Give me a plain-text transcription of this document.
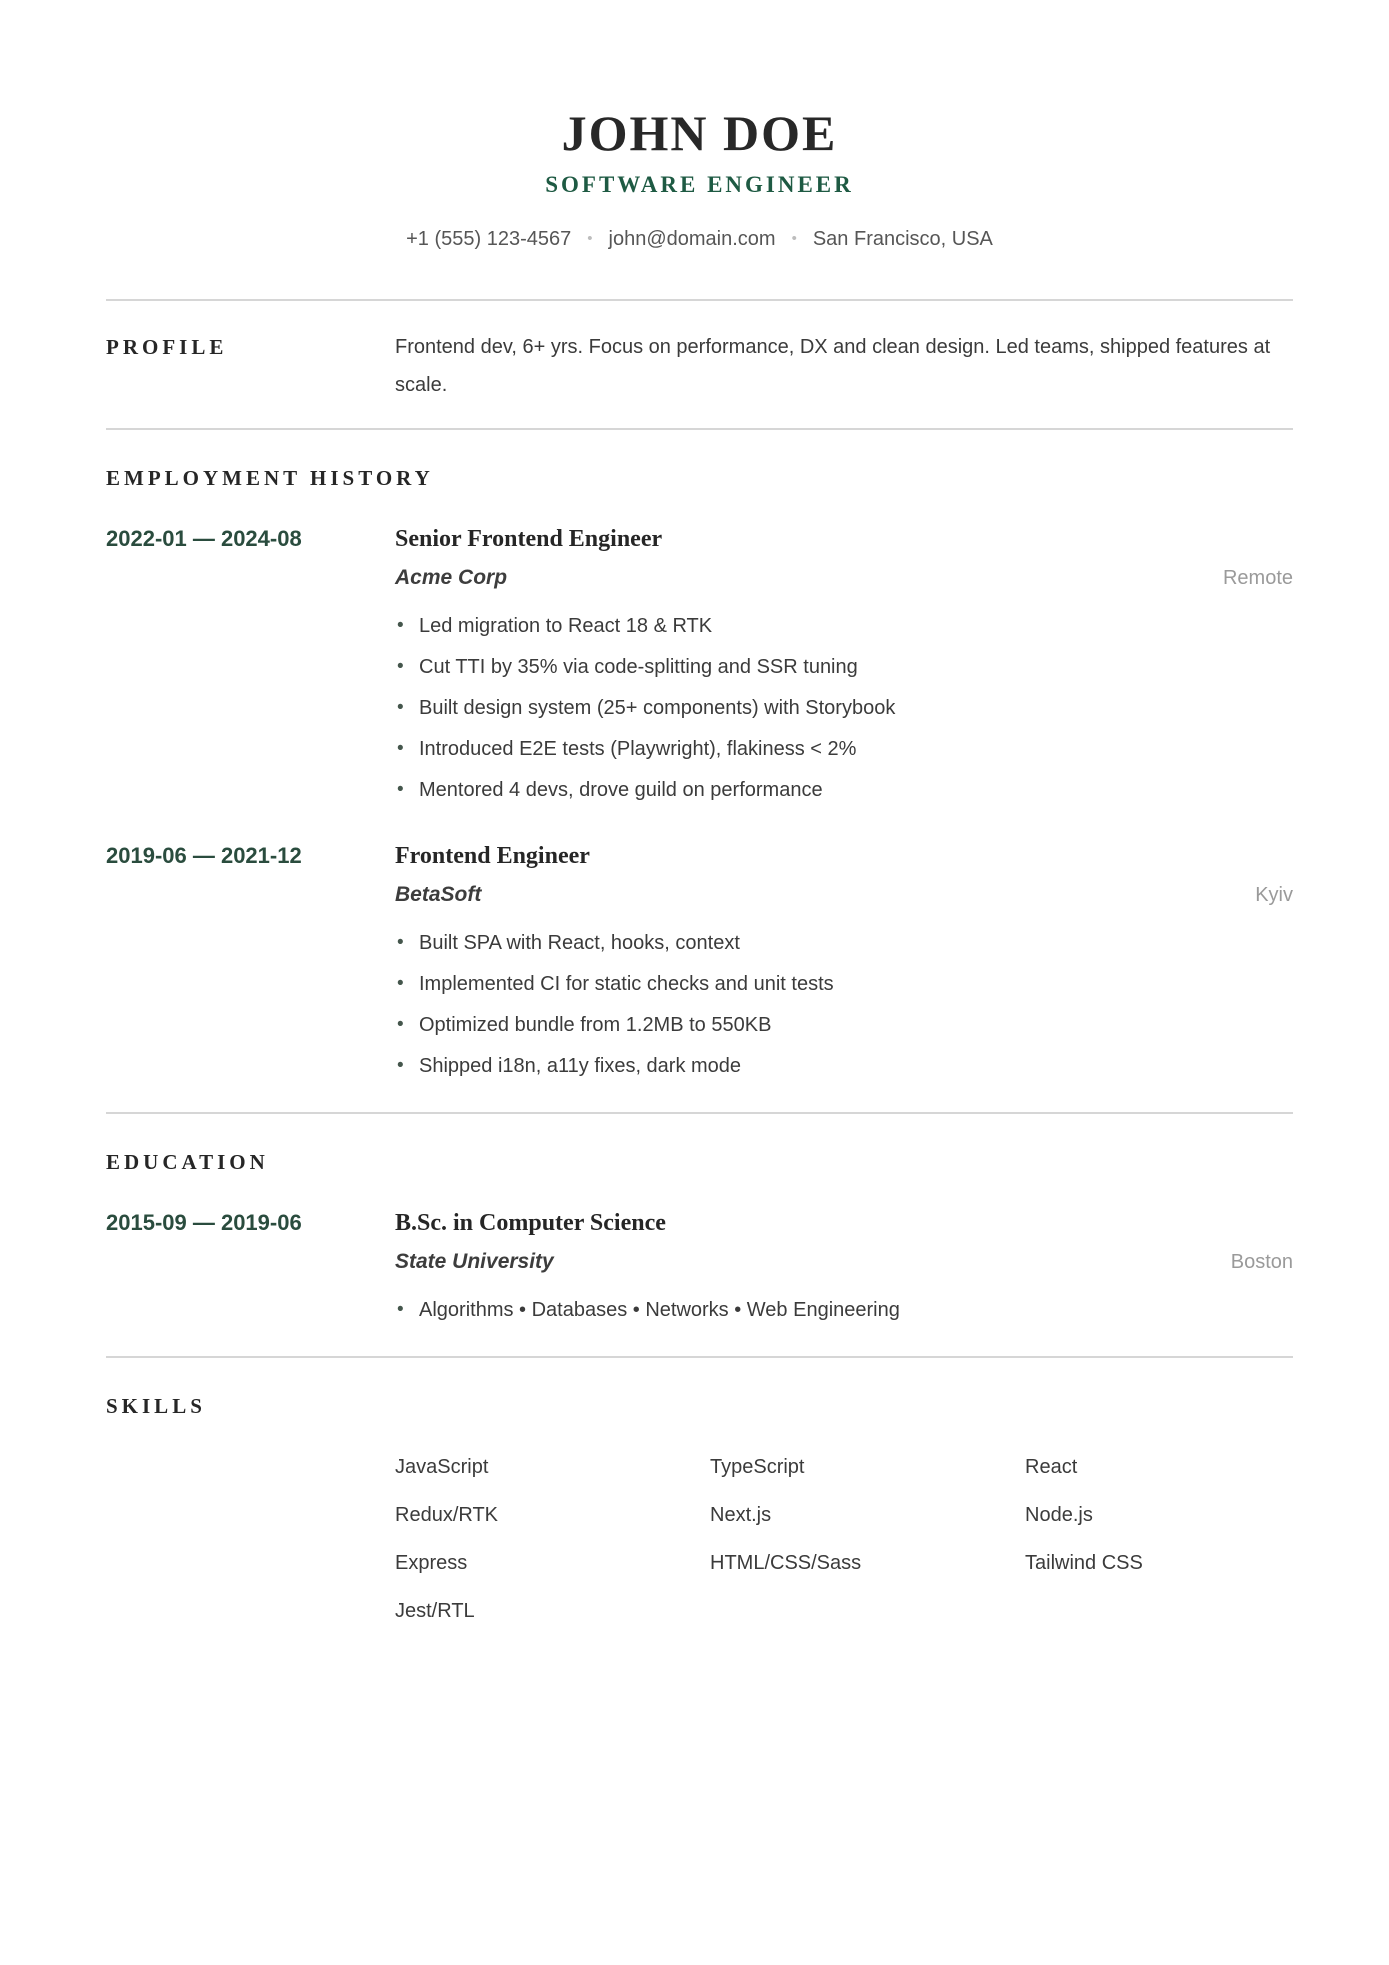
JOHN DOE
SOFTWARE ENGINEER
+1 (555) 123-4567 • john@domain.com • San Francisco, USA
PROFILE	Frontend dev, 6+ yrs. Focus on performance, DX and clean design. Led teams, shipped features at scale.
EMPLOYMENT HISTORY
2022-01 — 2024-08	Senior Frontend Engineer
Acme Corp	Remote
• Led migration to React 18 & RTK
• Cut TTI by 35% via code-splitting and SSR tuning
• Built design system (25+ components) with Storybook
• Introduced E2E tests (Playwright), flakiness < 2%
• Mentored 4 devs, drove guild on performance
2019-06 — 2021-12	Frontend Engineer
BetaSoft	Kyiv
• Built SPA with React, hooks, context
• Implemented CI for static checks and unit tests
• Optimized bundle from 1.2MB to 550KB
• Shipped i18n, a11y fixes, dark mode
EDUCATION
2015-09 — 2019-06	B.Sc. in Computer Science
State University	Boston
• Algorithms • Databases • Networks • Web Engineering
SKILLS
JavaScript	TypeScript	React
Redux/RTK	Next.js	Node.js
Express	HTML/CSS/Sass	Tailwind CSS
Jest/RTL
